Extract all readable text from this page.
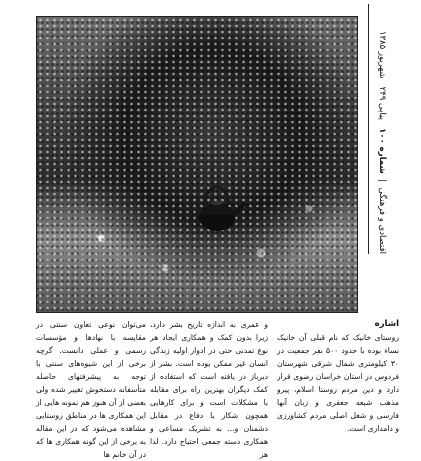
اقتصادی و فرهنگی  |  شماره ۱۰۰   پیاپی ۲۴۹   شهریور ۱۳۸۵

اشاره

روستای خانیک که نام قبلی آن خانیک نساء بوده با حدود ۵۰۰ نفر جمعیت در ۳۰ کیلومتری شمال شرقی شهرستان فردوس در استان خراسان رضوی قرار دارد و دین مردم روستا اسلام، پیرو مذهب شیعه جعفری و زبان آنها فارسی و شغل اصلی مردم کشاورزی و دامداری است.

و عمری به اندازه تاریخ بشر دارد، زیرا بدون کمک و همکاری ایجاد هر نوع تمدنی حتی در ادوار اولیه زندگی انسان غیر ممکن بوده است. بشر از دیرباز در یافته است که استفاده از کمک دیگران بهترین راه برای مقابله با مشکلات است و برای کارهایی همچون شکار یا دفاع در مقابل دشمنان و... به تشریک مساعی و همکاری دسته جمعی احتیاج دارد. لذا هر

می‌توان نوعی تعاون سنتی در مقایسه با نهادها و مؤسسات رسمی و عملی دانست. گرچه برخی از این شیوه‌های سنتی با توجه به پیشرفتهای حاصله متأسفانه دستخوش تغییر شده ولی بعضی از آن هنوز هم نمونه هایی از این همکاری ها در مناطق روستایی مشاهده می‌شود که در این مقاله به برخی از این گونه همکاری ها که در آن خانم ها
